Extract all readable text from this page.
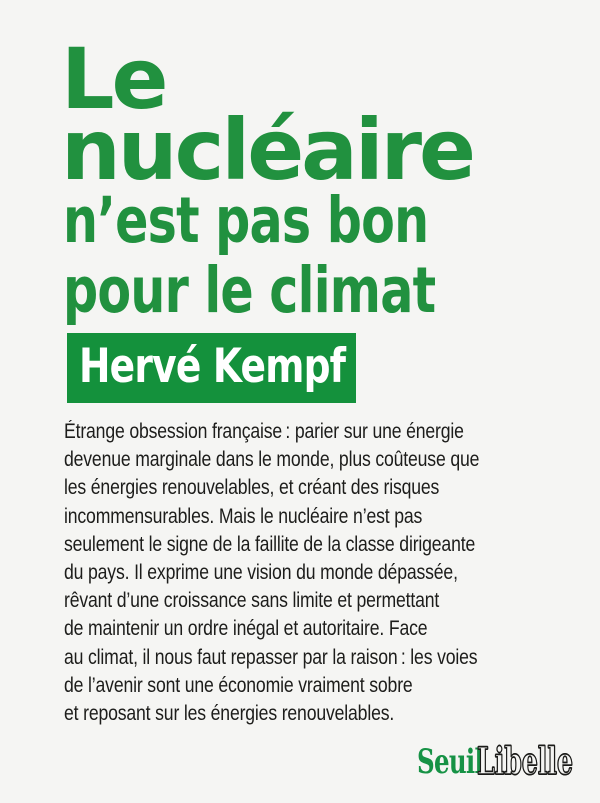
Le
nucléaire
n’est pas bon
pour le climat
Hervé Kempf
Étrange obsession française : parier sur une énergie
devenue marginale dans le monde, plus coûteuse que
les énergies renouvelables, et créant des risques
incommensurables. Mais le nucléaire n’est pas
seulement le signe de la faillite de la classe dirigeante
du pays. Il exprime une vision du monde dépassée,
rêvant d’une croissance sans limite et permettant
de maintenir un ordre inégal et autoritaire. Face
au climat, il nous faut repasser par la raison : les voies
de l’avenir sont une économie vraiment sobre
et reposant sur les énergies renouvelables.
Seuil
Libelle
